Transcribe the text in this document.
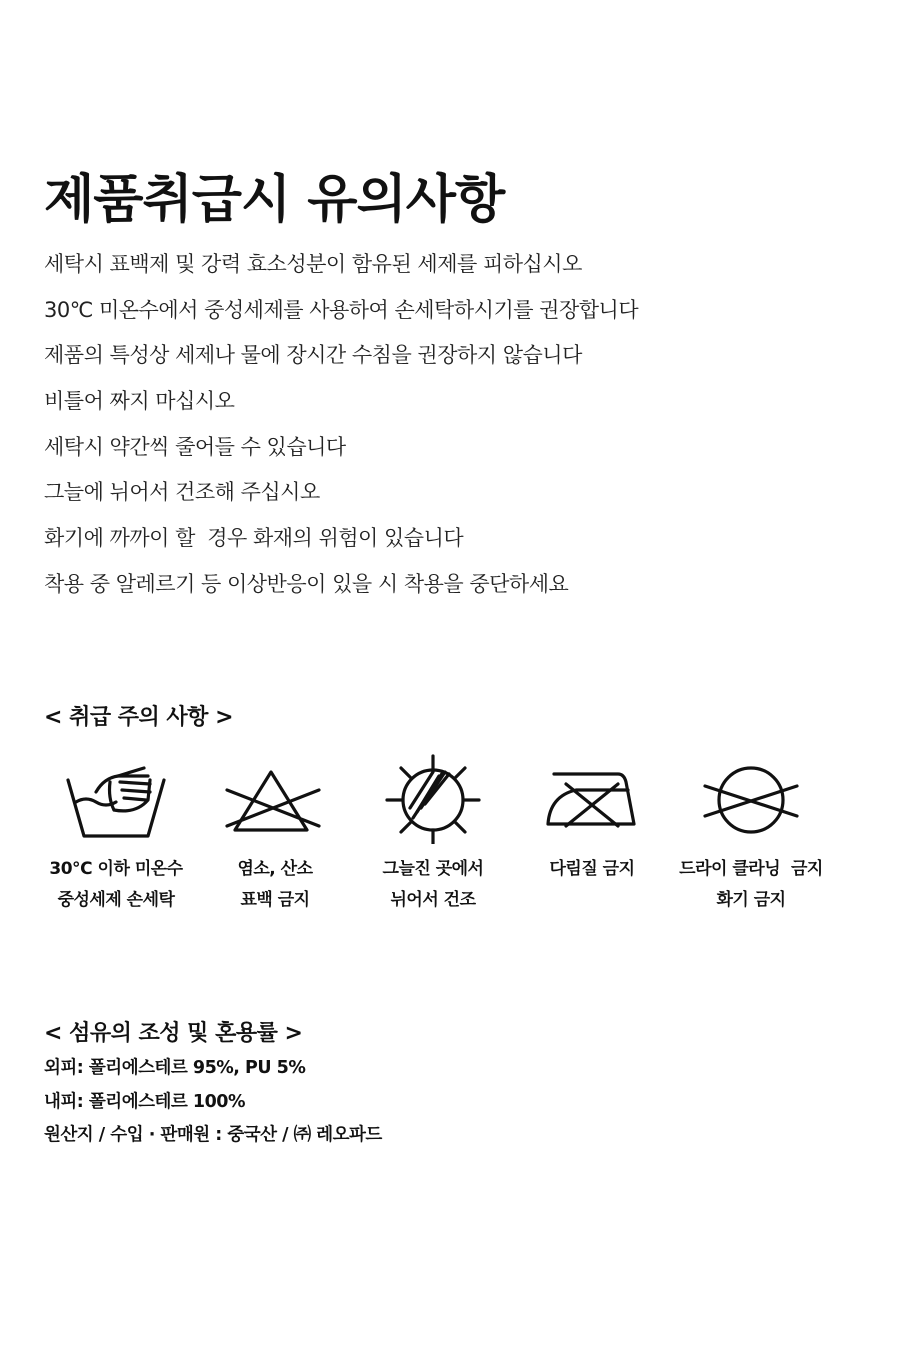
제품취급시 유의사항
세탁시 표백제 및 강력 효소성분이 함유된 세제를 피하십시오
30℃ 미온수에서 중성세제를 사용하여 손세탁하시기를 권장합니다
제품의 특성상 세제나 물에 장시간 수침을 권장하지 않습니다
비틀어 짜지 마십시오
세탁시 약간씩 줄어들 수 있습니다
그늘에 뉘어서 건조해 주십시오
화기에 까까이 할  경우 화재의 위험이 있습니다
착용 중 알레르기 등 이상반응이 있을 시 착용을 중단하세요
< 취급 주의 사항 >
30℃ 이하 미온수
중성세제 손세탁
염소, 산소
표백 금지
그늘진 곳에서
뉘어서 건조
다림질 금지	드라이 클라닝  금지
화기 금지
< 섬유의 조성 및 혼용률 >
외피: 폴리에스테르 95%, PU 5%
내피: 폴리에스테르 100%
원산지 / 수입 · 판매원 : 중국산 / ㈜ 레오파드
